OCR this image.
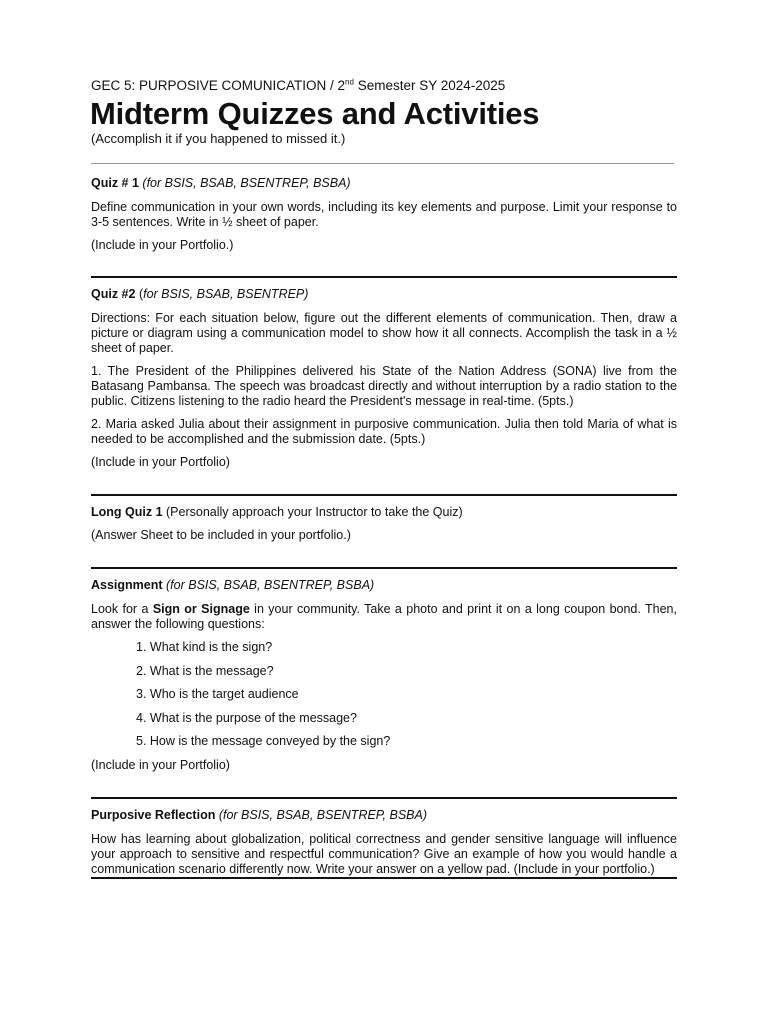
GEC 5: PURPOSIVE COMUNICATION / 2nd Semester SY 2024-2025

Midterm Quizzes and Activities

(Accomplish it if you happened to missed it.)

Quiz # 1 (for BSIS, BSAB, BSENTREP, BSBA)

Define communication in your own words, including its key elements and purpose. Limit your response to 3-5 sentences. Write in ½ sheet of paper.

(Include in your Portfolio.)

Quiz #2 (for BSIS, BSAB, BSENTREP)

Directions: For each situation below, figure out the different elements of communication. Then, draw a picture or diagram using a communication model to show how it all connects. Accomplish the task in a ½ sheet of paper.

1. The President of the Philippines delivered his State of the Nation Address (SONA) live from the Batasang Pambansa. The speech was broadcast directly and without interruption by a radio station to the public. Citizens listening to the radio heard the President's message in real-time. (5pts.)

2. Maria asked Julia about their assignment in purposive communication. Julia then told Maria of what is needed to be accomplished and the submission date. (5pts.)

(Include in your Portfolio)

Long Quiz 1 (Personally approach your Instructor to take the Quiz)

(Answer Sheet to be included in your portfolio.)

Assignment (for BSIS, BSAB, BSENTREP, BSBA)

Look for a Sign or Signage in your community. Take a photo and print it on a long coupon bond. Then, answer the following questions:

1. What kind is the sign?
2. What is the message?
3. Who is the target audience
4. What is the purpose of the message?
5. How is the message conveyed by the sign?

(Include in your Portfolio)

Purposive Reflection (for BSIS, BSAB, BSENTREP, BSBA)

How has learning about globalization, political correctness and gender sensitive language will influence your approach to sensitive and respectful communication? Give an example of how you would handle a communication scenario differently now. Write your answer on a yellow pad. (Include in your portfolio.)
